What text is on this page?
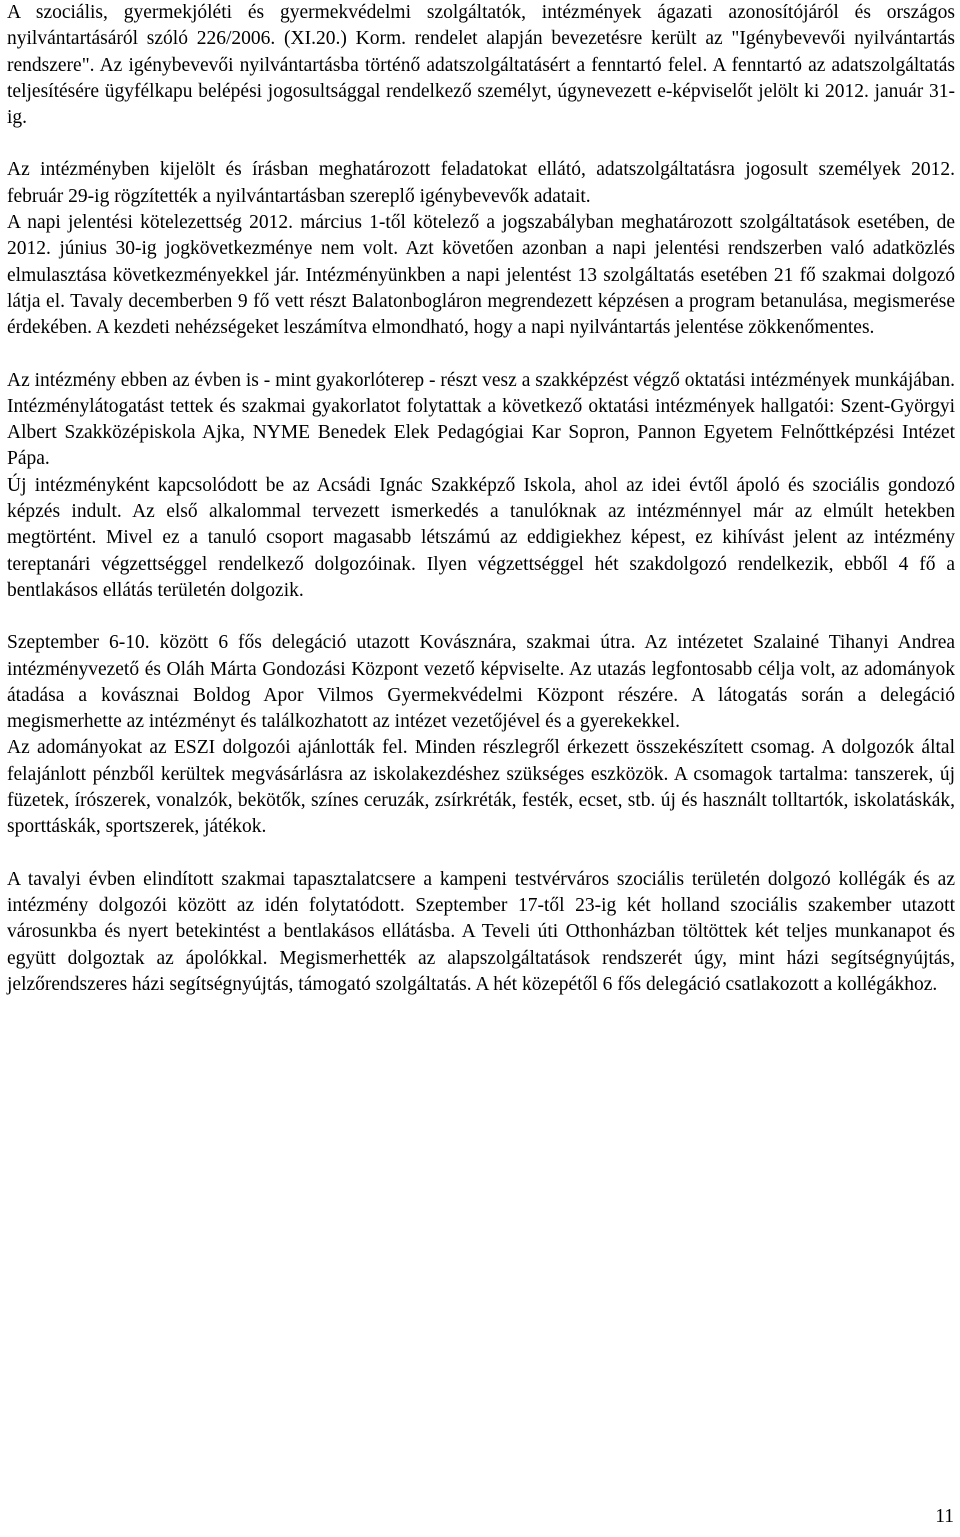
A szociális, gyermekjóléti és gyermekvédelmi szolgáltatók, intézmények ágazati azonosítójáról és országos nyilvántartásáról szóló 226/2006. (XI.20.) Korm. rendelet alapján bevezetésre került az "Igénybevevői nyilvántartás rendszere". Az igénybevevői nyilvántartásba történő adatszolgáltatásért a fenntartó felel. A fenntartó az adatszolgáltatás teljesítésére ügyfélkapu belépési jogosultsággal rendelkező személyt, úgynevezett e-képviselőt jelölt ki 2012. január 31-ig.

Az intézményben kijelölt és írásban meghatározott feladatokat ellátó, adatszolgáltatásra jogosult személyek 2012. február 29-ig rögzítették a nyilvántartásban szereplő igénybevevők adatait.

A napi jelentési kötelezettség 2012. március 1-től kötelező a jogszabályban meghatározott szolgáltatások esetében, de 2012. június 30-ig jogkövetkezménye nem volt. Azt követően azonban a napi jelentési rendszerben való adatközlés elmulasztása következményekkel jár. Intézményünkben a napi jelentést 13 szolgáltatás esetében 21 fő szakmai dolgozó látja el. Tavaly decemberben 9 fő vett részt Balatonbogláron megrendezett képzésen a program betanulása, megismerése érdekében. A kezdeti nehézségeket leszámítva elmondható, hogy a napi nyilvántartás jelentése zökkenőmentes.

Az intézmény ebben az évben is - mint gyakorlóterep - részt vesz a szakképzést végző oktatási intézmények munkájában. Intézménylátogatást tettek és szakmai gyakorlatot folytattak a következő oktatási intézmények hallgatói: Szent-Györgyi Albert Szakközépiskola Ajka, NYME Benedek Elek Pedagógiai Kar Sopron, Pannon Egyetem Felnőttképzési Intézet Pápa.

Új intézményként kapcsolódott be az Acsádi Ignác Szakképző Iskola, ahol az idei évtől ápoló és szociális gondozó képzés indult. Az első alkalommal tervezett ismerkedés a tanulóknak az intézménnyel már az elmúlt hetekben megtörtént. Mivel ez a tanuló csoport magasabb létszámú az eddigiekhez képest, ez kihívást jelent az intézmény tereptanári végzettséggel rendelkező dolgozóinak. Ilyen végzettséggel hét szakdolgozó rendelkezik, ebből 4 fő a bentlakásos ellátás területén dolgozik.

Szeptember 6-10. között 6 fős delegáció utazott Kovásznára, szakmai útra. Az intézetet Szalainé Tihanyi Andrea intézményvezető és Oláh Márta Gondozási Központ vezető képviselte. Az utazás legfontosabb célja volt, az adományok átadása a kovásznai Boldog Apor Vilmos Gyermekvédelmi Központ részére. A látogatás során a delegáció megismerhette az intézményt és találkozhatott az intézet vezetőjével és a gyerekekkel.

Az adományokat az ESZI dolgozói ajánlották fel. Minden részlegről érkezett összekészített csomag. A dolgozók által felajánlott pénzből kerültek megvásárlásra az iskolakezdéshez szükséges eszközök. A csomagok tartalma: tanszerek, új füzetek, írószerek, vonalzók, bekötők, színes ceruzák, zsírkréták, festék, ecset, stb. új és használt tolltartók, iskolatáskák, sporttáskák, sportszerek, játékok.

A tavalyi évben elindított szakmai tapasztalatcsere a kampeni testvérváros szociális területén dolgozó kollégák és az intézmény dolgozói között az idén folytatódott. Szeptember 17-től 23-ig két holland szociális szakember utazott városunkba és nyert betekintést a bentlakásos ellátásba. A Teveli úti Otthonházban töltöttek két teljes munkanapot és együtt dolgoztak az ápolókkal. Megismerhették az alapszolgáltatások rendszerét úgy, mint házi segítségnyújtás, jelzőrendszeres házi segítségnyújtás, támogató szolgáltatás. A hét közepétől 6 fős delegáció csatlakozott a kollégákhoz.

11
